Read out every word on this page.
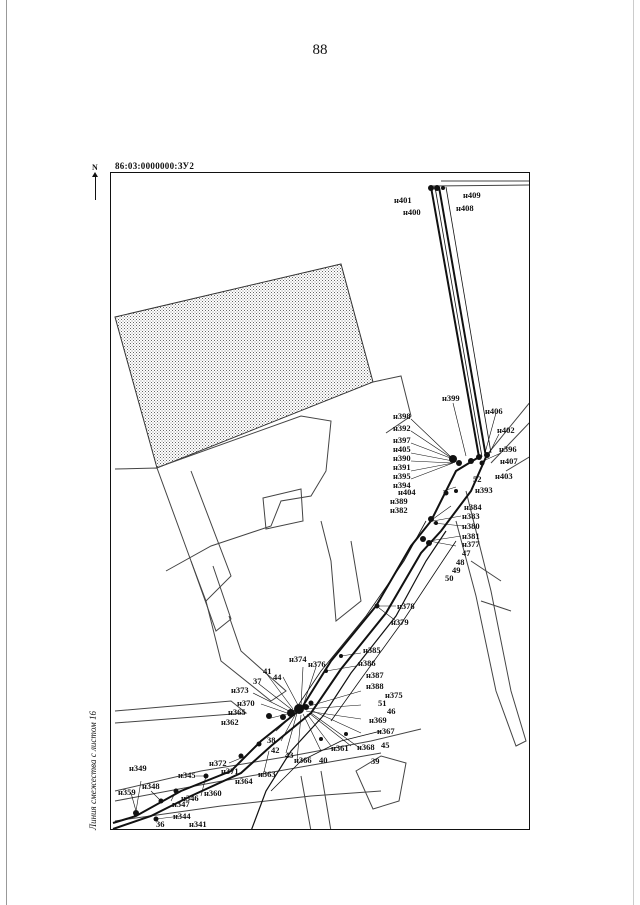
88
N 86:03:0000000:ЗУ2
Линия смежества с листом 16
н401	н409
н408
н400
н399
н406
н402
н396
н407
н403
н398
н392
н397
н405
н390
н391
н395
н394
н404
н389
н382
52
н393
н384
н383
н380
н381
н377
47
48
49
50
н378
н379
н385
н386
н387
н388
н375
44
н374 н376
41
37
н373
н370
н365
н362
51
46
н369
н367
45
н368
39
40
н361
н366
43
42
38
н363
н364
н372
н371
н345
н360
н349
н348
н346
н347
н359
н344
36	н341
